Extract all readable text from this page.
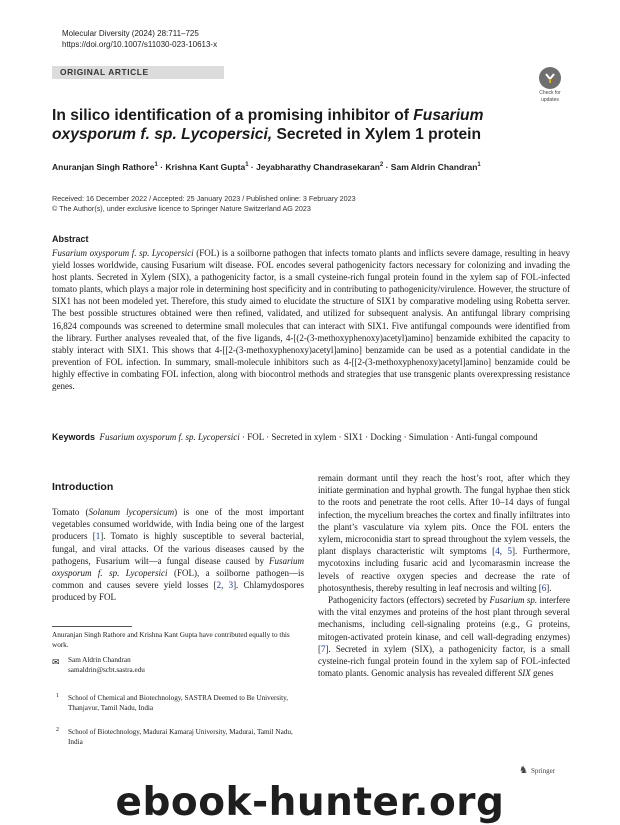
Molecular Diversity (2024) 28:711–725
https://doi.org/10.1007/s11030-023-10613-x
ORIGINAL ARTICLE
Check for
updates
In silico identification of a promising inhibitor of Fusarium oxysporum f. sp. Lycopersici, Secreted in Xylem 1 protein
Anuranjan Singh Rathore$^1$ · Krishna Kant Gupta$^1$ · Jeyabharathy Chandrasekaran$^2$ · Sam Aldrin Chandran$^1$
Received: 16 December 2022 / Accepted: 25 January 2023 / Published online: 3 February 2023
© The Author(s), under exclusive licence to Springer Nature Switzerland AG 2023
Abstract
Fusarium oxysporum f. sp. Lycopersici (FOL) is a soilborne pathogen that infects tomato plants and inflicts severe damage, resulting in heavy yield losses worldwide, causing Fusarium wilt disease. FOL encodes several pathogenicity factors necessary for colonizing and invading the host plants. Secreted in Xylem (SIX), a pathogenicity factor, is a small cysteine-rich fungal protein found in the xylem sap of FOL-infected tomato plants, which plays a major role in determining host specificity and in contributing to pathogenicity/virulence. However, the structure of SIX1 has not been modeled yet. Therefore, this study aimed to elucidate the structure of SIX1 by comparative modeling using Robetta server. The best possible structures obtained were then refined, validated, and utilized for subsequent analysis. An antifungal library comprising 16,824 compounds was screened to determine small molecules that can interact with SIX1. Five antifungal compounds were identified from the library. Further analyses revealed that, of the five ligands, 4-[(2-(3-methoxyphenoxy)acetyl)amino] benzamide exhibited the capacity to stably interact with SIX1. This shows that 4-[[2-(3-methoxyphenoxy)acetyl]amino] benzamide can be used as a potential candidate in the prevention of FOL infection. In summary, small-molecule inhibitors such as 4-[[2-(3-methoxyphenoxy)acetyl]amino] benzamide could be highly effective in combating FOL infection, along with biocontrol methods and strategies that use transgenic plants overexpressing resistance genes.
Keywords Fusarium oxysporum f. sp. Lycopersici · FOL · Secreted in xylem · SIX1 · Docking · Simulation · Anti-fungal compound
Introduction
Tomato (Solanum lycopersicum) is one of the most important vegetables consumed worldwide, with India being one of the largest producers [1]. Tomato is highly susceptible to several bacterial, fungal, and viral attacks. Of the various diseases caused by the pathogens, Fusarium wilt—a fungal disease caused by Fusarium oxysporum f. sp. Lycopersici (FOL), a soilborne pathogen—is common and causes severe yield losses [2, 3]. Chlamydospores produced by FOL
Anuranjan Singh Rathore and Krishna Kant Gupta have contributed equally to this work.
✉ Sam Aldrin Chandran
samaldrin@scbt.sastra.edu
1 School of Chemical and Biotechnology, SASTRA Deemed to Be University, Thanjavur, Tamil Nadu, India
2 School of Biotechnology, Madurai Kamaraj University, Madurai, Tamil Nadu, India

remain dormant until they reach the host’s root, after which they initiate germination and hyphal growth. The fungal hyphae then stick to the roots and penetrate the root cells. After 10–14 days of fungal infection, the mycelium breaches the cortex and finally infiltrates into the plant’s vasculature via xylem pits. Once the FOL enters the xylem, microconidia start to spread throughout the xylem vessels, the plant displays characteristic wilt symptoms [4, 5]. Furthermore, mycotoxins including fusaric acid and lycomarasmin increase the levels of reactive oxygen species and decrease the rate of photosynthesis, thereby resulting in leaf necrosis and wilting [6].

Pathogenicity factors (effectors) secreted by Fusarium sp. interfere with the vital enzymes and proteins of the host plant through several mechanisms, including cell-signaling proteins (e.g., G proteins, mitogen-activated protein kinase, and cell wall-degrading enzymes) [7]. Secreted in xylem (SIX), a pathogenicity factor, is a small cysteine-rich fungal protein found in the xylem sap of FOL-infected tomato plants. Genomic analysis has revealed different SIX genes

♞ Springer
ebook-hunter.org
